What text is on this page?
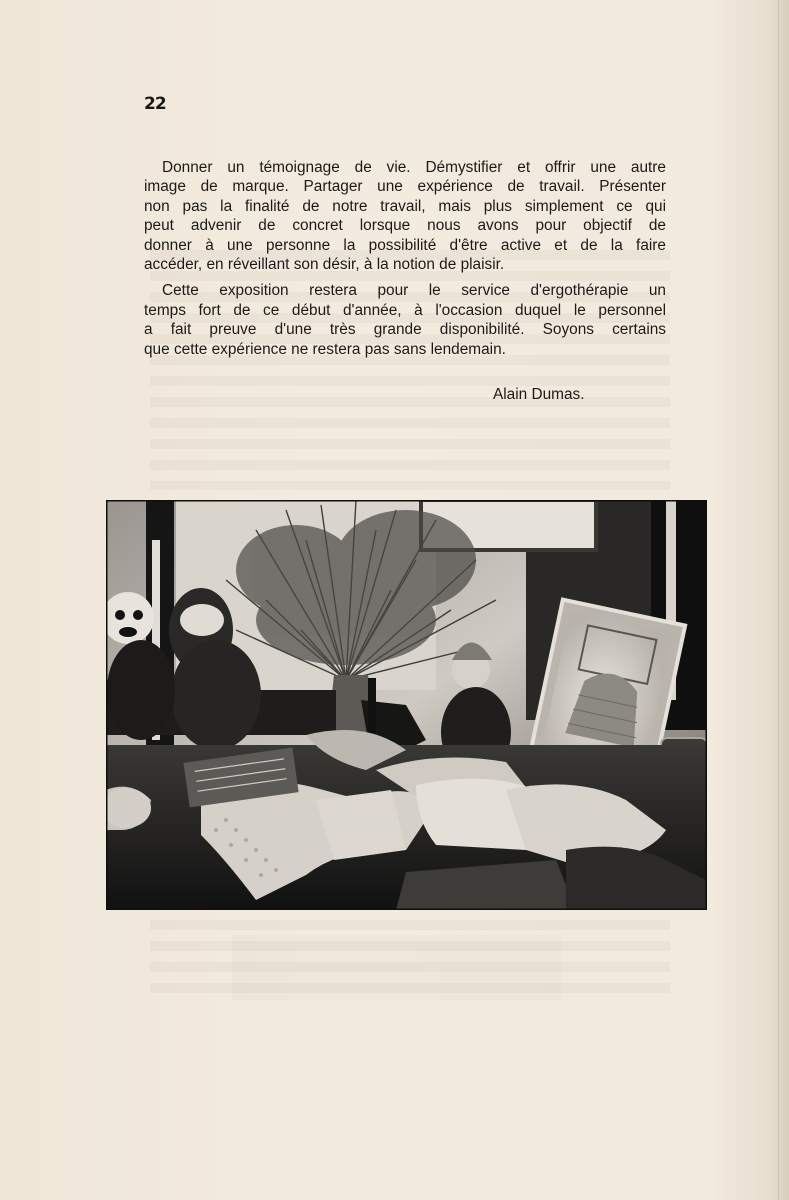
22

Donner un témoignage de vie. Démystifier et offrir une autre
image de marque. Partager une expérience de travail. Présenter
non pas la finalité de notre travail, mais plus simplement ce qui
peut advenir de concret lorsque nous avons pour objectif de
donner à une personne la possibilité d'être active et de la faire
accéder, en réveillant son désir, à la notion de plaisir.

Cette exposition restera pour le service d'ergothérapie un
temps fort de ce début d'année, à l'occasion duquel le personnel
a fait preuve d'une très grande disponibilité. Soyons certains
que cette expérience ne restera pas sans lendemain.

Alain Dumas.
